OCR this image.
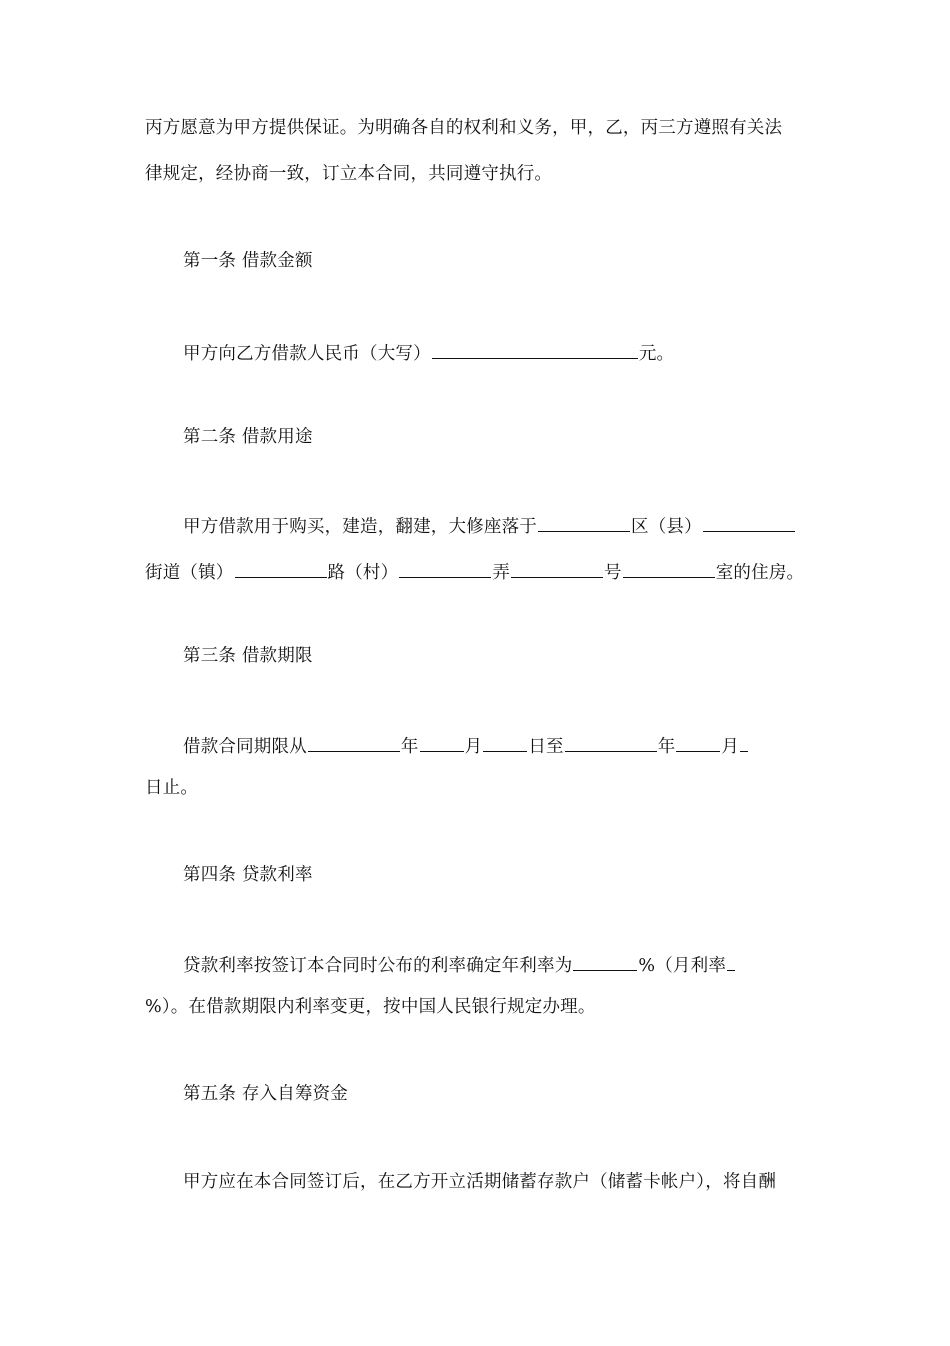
丙方愿意为甲方提供保证。为明确各自的权利和义务，甲，乙，丙三方遵照有关法
律规定，经协商一致，订立本合同，共同遵守执行。
第一条 借款金额
甲方向乙方借款人民币（大写）	元。
第二条 借款用途
甲方借款用于购买，建造，翻建，大修座落于	区（县）
街道（镇）	路（村）	弄	号	室的住房。
第三条 借款期限
借款合同期限从	年	月	日至	年	月
日止。
第四条 贷款利率
贷款利率按签订本合同时公布的利率确定年利率为	%（月利率
%）。在借款期限内利率变更，按中国人民银行规定办理。
第五条 存入自筹资金
甲方应在本合同签订后，在乙方开立活期储蓄存款户（储蓄卡帐户），将自酬
